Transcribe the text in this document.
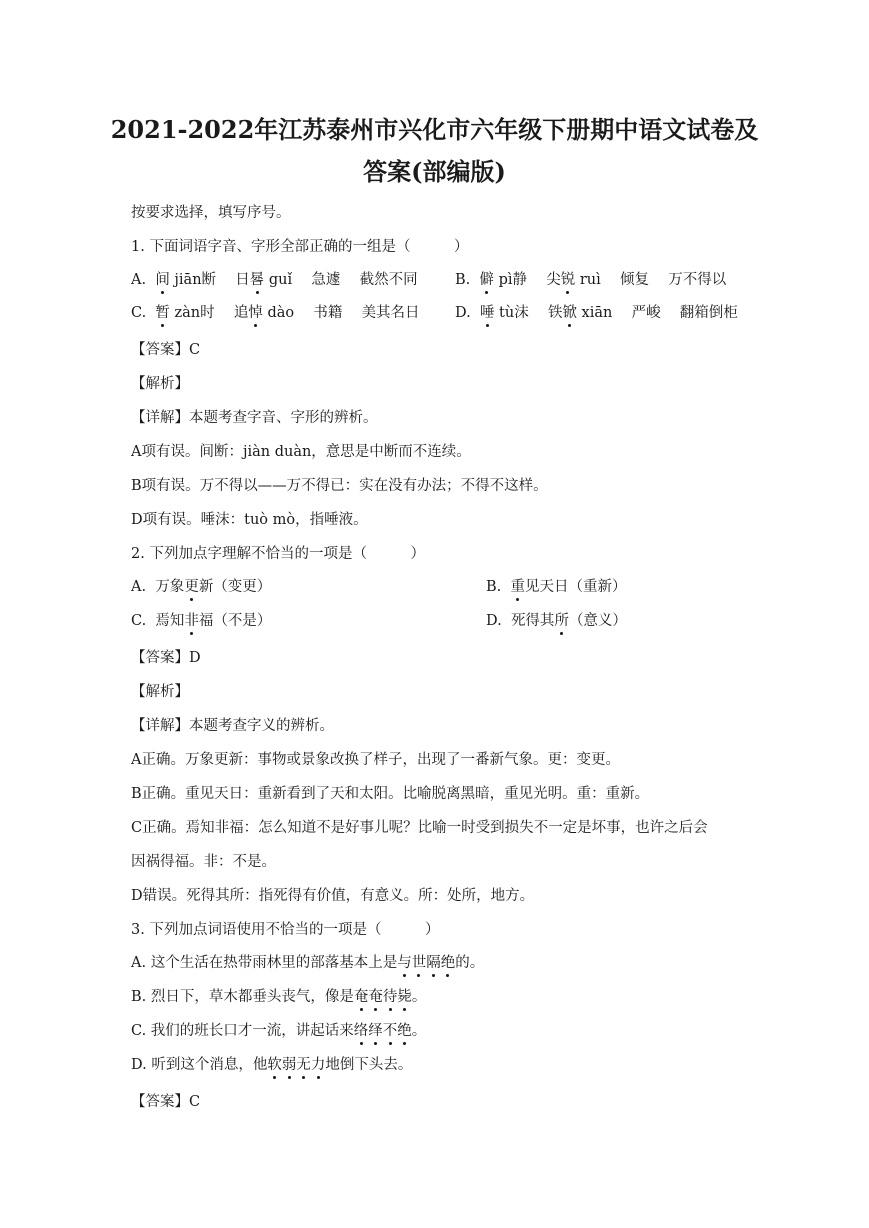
2021-2022年江苏泰州市兴化市六年级下册期中语文试卷及
答案(部编版)
按要求选择，填写序号。
1. 下面词语字音、字形全部正确的一组是（　　　）
A. 间 jiān断 日晷 guǐ 急遽 截然不同	B. 僻 pì静 尖锐 ruì 倾复 万不得以
C. 暂 zàn时 追悼 dào 书籍 美其名日 D. 唾 tù沫 铁锨 xiān 严峻 翻箱倒柜
【答案】C
【解析】
【详解】本题考查字音、字形的辨析。
A项有误。间断：jiàn duàn，意思是中断而不连续。
B项有误。万不得以——万不得已：实在没有办法；不得不这样。
D项有误。唾沫：tuò mò，指唾液。
2. 下列加点字理解不恰当的一项是（　　　）
A. 万象更新（变更）	B. 重见天日（重新）
C. 焉知非福（不是）	D. 死得其所（意义）
【答案】D
【解析】
【详解】本题考查字义的辨析。
A正确。万象更新：事物或景象改换了样子，出现了一番新气象。更：变更。
B正确。重见天日：重新看到了天和太阳。比喻脱离黑暗，重见光明。重：重新。
C正确。焉知非福：怎么知道不是好事儿呢？比喻一时受到损失不一定是坏事，也许之后会
因祸得福。非：不是。
D错误。死得其所：指死得有价值，有意义。所：处所，地方。
3. 下列加点词语使用不恰当的一项是（　　　）
A. 这个生活在热带雨林里的部落基本上是与世隔绝的。
B. 烈日下，草木都垂头丧气，像是奄奄待毙。
C. 我们的班长口才一流，讲起话来络绎不绝。
D. 听到这个消息，他软弱无力地倒下头去。
【答案】C
